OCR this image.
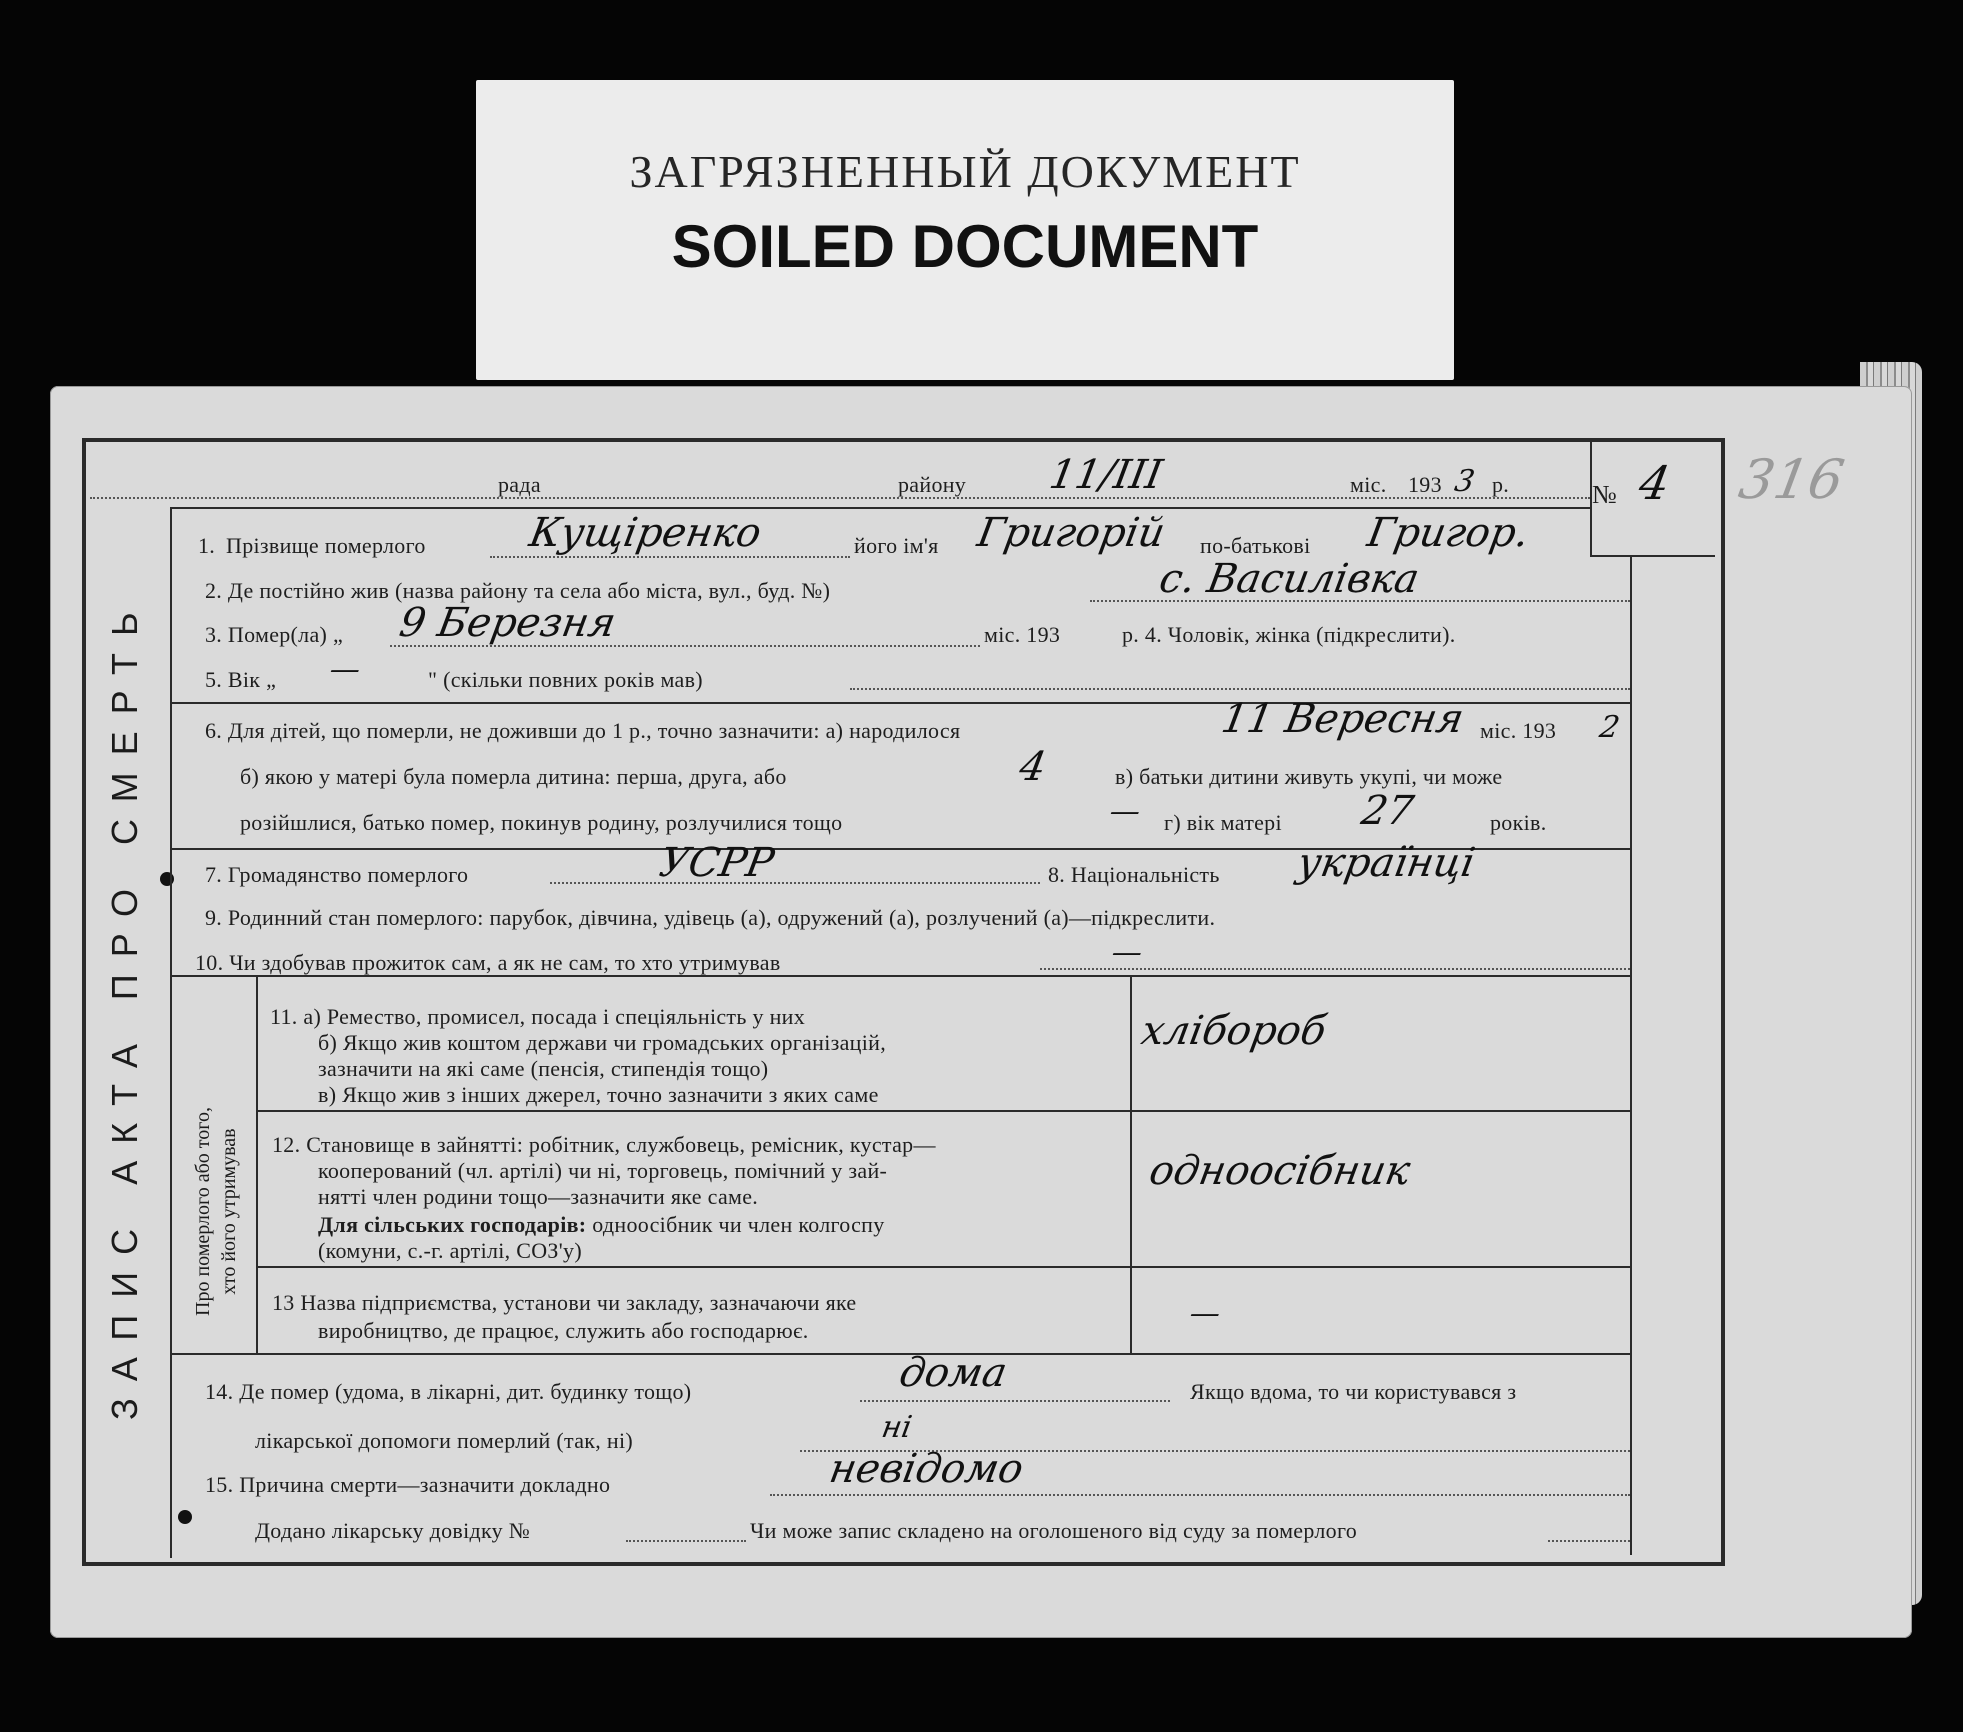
ЗАГРЯЗНЕННЫЙ ДОКУМЕНТ
SOILED DOCUMENT
316
ЗАПИС АКТА ПРО СМЕРТЬ Про померлого або того, хто його утримував
рада	району 11/III	міс. 193 3 р.	№ 4
1. Прізвище померлого	Кущіренко	його ім'я Григорій по-батькові Григор.
2. Де постійно жив (назва району та села або міста, вул., буд. №)	с. Василівка
3. Помер(ла) „ 9 Березня	міс. 193	р. 4. Чоловік, жінка (підкреслити).
5. Вік „ —	" (скільки повних років мав)
6. Для дітей, що померли, не доживши до 1 р., точно зазначити: а) народилося	11 Вересня міс. 193 2
б) якою у матері була померла дитина: перша, друга, або	4	в) батьки дитини живуть укупі, чи може
розійшлися, батько помер, покинув родину, розлучилися тощо	— г) вік матері 27	років.
7. Громадянство померлого	УСРР	8. Національність українці
9. Родинний стан померлого: парубок, дівчина, удівець (а), одружений (а), розлучений (а)—підкреслити.
10. Чи здобував прожиток сам, а як не сам, то хто утримував	—
11. а) Ремество, промисел, посада і спеціяльність у них
б) Якщо жив коштом держави чи громадських організацій,
зазначити на які саме (пенсія, стипендія тощо)
в) Якщо жив з інших джерел, точно зазначити з яких саме
хлібороб
12. Становище в зайнятті: робітник, службовець, ремісник, кустар—
кооперований (чл. артілі) чи ні, торговець, помічний у зай-
нятті член родини тощо—зазначити яке саме.
Для сільських господарів: одноосібник чи член колгоспу
(комуни, с.-г. артілі, СОЗ'у)
одноосібник
13 Назва підприємства, установи чи закладу, зазначаючи яке
виробництво, де працює, служить або господарює.	—
14. Де помер (удома, в лікарні, дит. будинку тощо)	дома	Якщо вдома, то чи користувався з
лікарської допомоги померлий (так, ні)	ні
15. Причина смерти—зазначити докладно	невідомо
Додано лікарську довідку №	Чи може запис складено на оголошеного від суду за померлого
